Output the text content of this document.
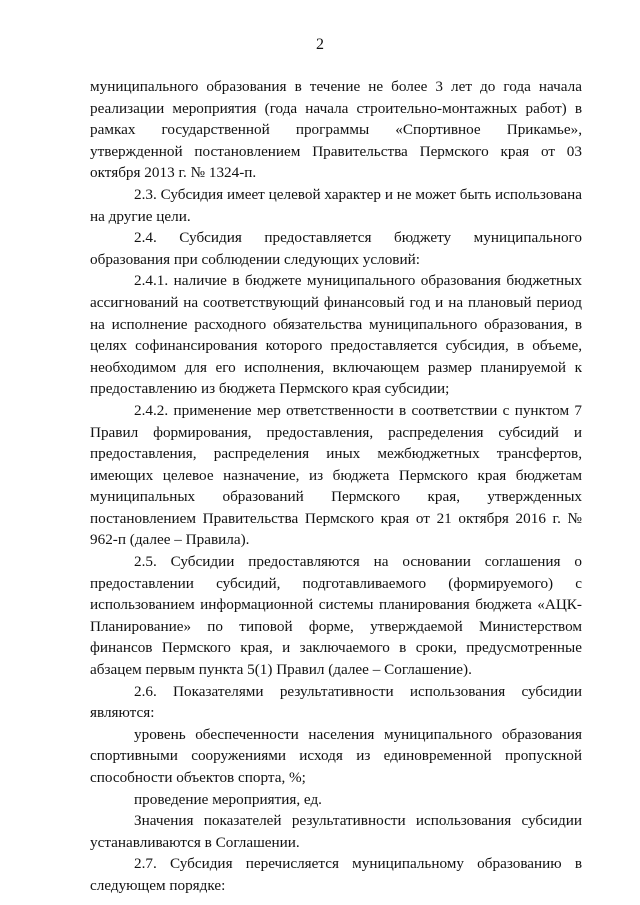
2

муниципального образования в течение не более 3 лет до года начала реализации мероприятия (года начала строительно-монтажных работ) в рамках государственной программы «Спортивное Прикамье», утвержденной постановлением Правительства Пермского края от 03 октября 2013 г. № 1324-п.

2.3. Субсидия имеет целевой характер и не может быть использована на другие цели.

2.4. Субсидия предоставляется бюджету муниципального образования при соблюдении следующих условий:

2.4.1. наличие в бюджете муниципального образования бюджетных ассигнований на соответствующий финансовый год и на плановый период на исполнение расходного обязательства муниципального образования, в целях софинансирования которого предоставляется субсидия, в объеме, необходимом для его исполнения, включающем размер планируемой к предоставлению из бюджета Пермского края субсидии;

2.4.2. применение мер ответственности в соответствии с пунктом 7 Правил формирования, предоставления, распределения субсидий и предоставления, распределения иных межбюджетных трансфертов, имеющих целевое назначение, из бюджета Пермского края бюджетам муниципальных образований Пермского края, утвержденных постановлением Правительства Пермского края от 21 октября 2016 г. № 962-п (далее – Правила).

2.5. Субсидии предоставляются на основании соглашения о предоставлении субсидий, подготавливаемого (формируемого) с использованием информационной системы планирования бюджета «АЦК-Планирование» по типовой форме, утверждаемой Министерством финансов Пермского края, и заключаемого в сроки, предусмотренные абзацем первым пункта 5(1) Правил (далее – Соглашение).

2.6. Показателями результативности использования субсидии являются:

уровень обеспеченности населения муниципального образования спортивными сооружениями исходя из единовременной пропускной способности объектов спорта, %;

проведение мероприятия, ед.

Значения показателей результативности использования субсидии устанавливаются в Соглашении.

2.7. Субсидия перечисляется муниципальному образованию в следующем порядке:
